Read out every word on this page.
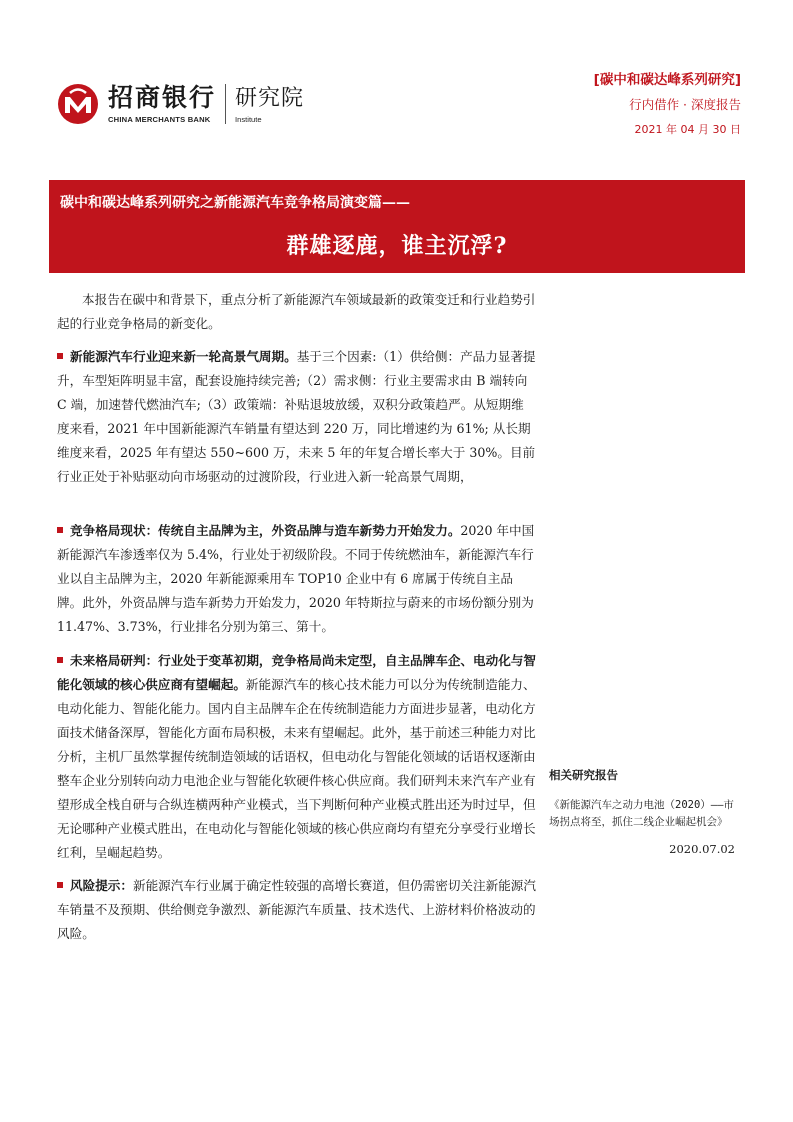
招商银行
CHINA MERCHANTS BANK
研究院
Institute
[碳中和碳达峰系列研究]
行内借作 · 深度报告
2021 年 04 月 30 日
碳中和碳达峰系列研究之新能源汽车竞争格局演变篇——
群雄逐鹿，谁主沉浮?

本报告在碳中和背景下，重点分析了新能源汽车领域最新的政策变迁和行业趋势引起的行业竞争格局的新变化。

新能源汽车行业迎来新一轮高景气周期。基于三个因素:（1）供给侧：产品力显著提升，车型矩阵明显丰富，配套设施持续完善;（2）需求侧：行业主要需求由 B 端转向 C 端，加速替代燃油汽车;（3）政策端：补贴退坡放缓，双积分政策趋严。从短期维度来看，2021 年中国新能源汽车销量有望达到 220 万，同比增速约为 61%; 从长期维度来看，2025 年有望达 550~600 万，未来 5 年的年复合增长率大于 30%。目前行业正处于补贴驱动向市场驱动的过渡阶段，行业进入新一轮高景气周期，

竞争格局现状：传统自主品牌为主，外资品牌与造车新势力开始发力。2020 年中国新能源汽车渗透率仅为 5.4%，行业处于初级阶段。不同于传统燃油车，新能源汽车行业以自主品牌为主，2020 年新能源乘用车 TOP10 企业中有 6 席属于传统自主品牌。此外，外资品牌与造车新势力开始发力，2020 年特斯拉与蔚来的市场份额分别为 11.47%、3.73%，行业排名分别为第三、第十。

未来格局研判：行业处于变革初期，竞争格局尚未定型，自主品牌车企、电动化与智能化领域的核心供应商有望崛起。新能源汽车的核心技术能力可以分为传统制造能力、电动化能力、智能化能力。国内自主品牌车企在传统制造能力方面进步显著，电动化方面技术储备深厚，智能化方面布局积极，未来有望崛起。此外，基于前述三种能力对比分析，主机厂虽然掌握传统制造领域的话语权，但电动化与智能化领域的话语权逐渐由整车企业分别转向动力电池企业与智能化软硬件核心供应商。我们研判未来汽车产业有望形成全栈自研与合纵连横两种产业模式，当下判断何种产业模式胜出还为时过早，但无论哪种产业模式胜出，在电动化与智能化领域的核心供应商均有望充分享受行业增长红利，呈崛起趋势。

风险提示：新能源汽车行业属于确定性较强的高增长赛道，但仍需密切关注新能源汽车销量不及预期、供给侧竞争激烈、新能源汽车质量、技术迭代、上游材料价格波动的风险。

相关研究报告
《新能源汽车之动力电池（2020）——市场拐点将至，抓住二线企业崛起机会》
2020.07.02
